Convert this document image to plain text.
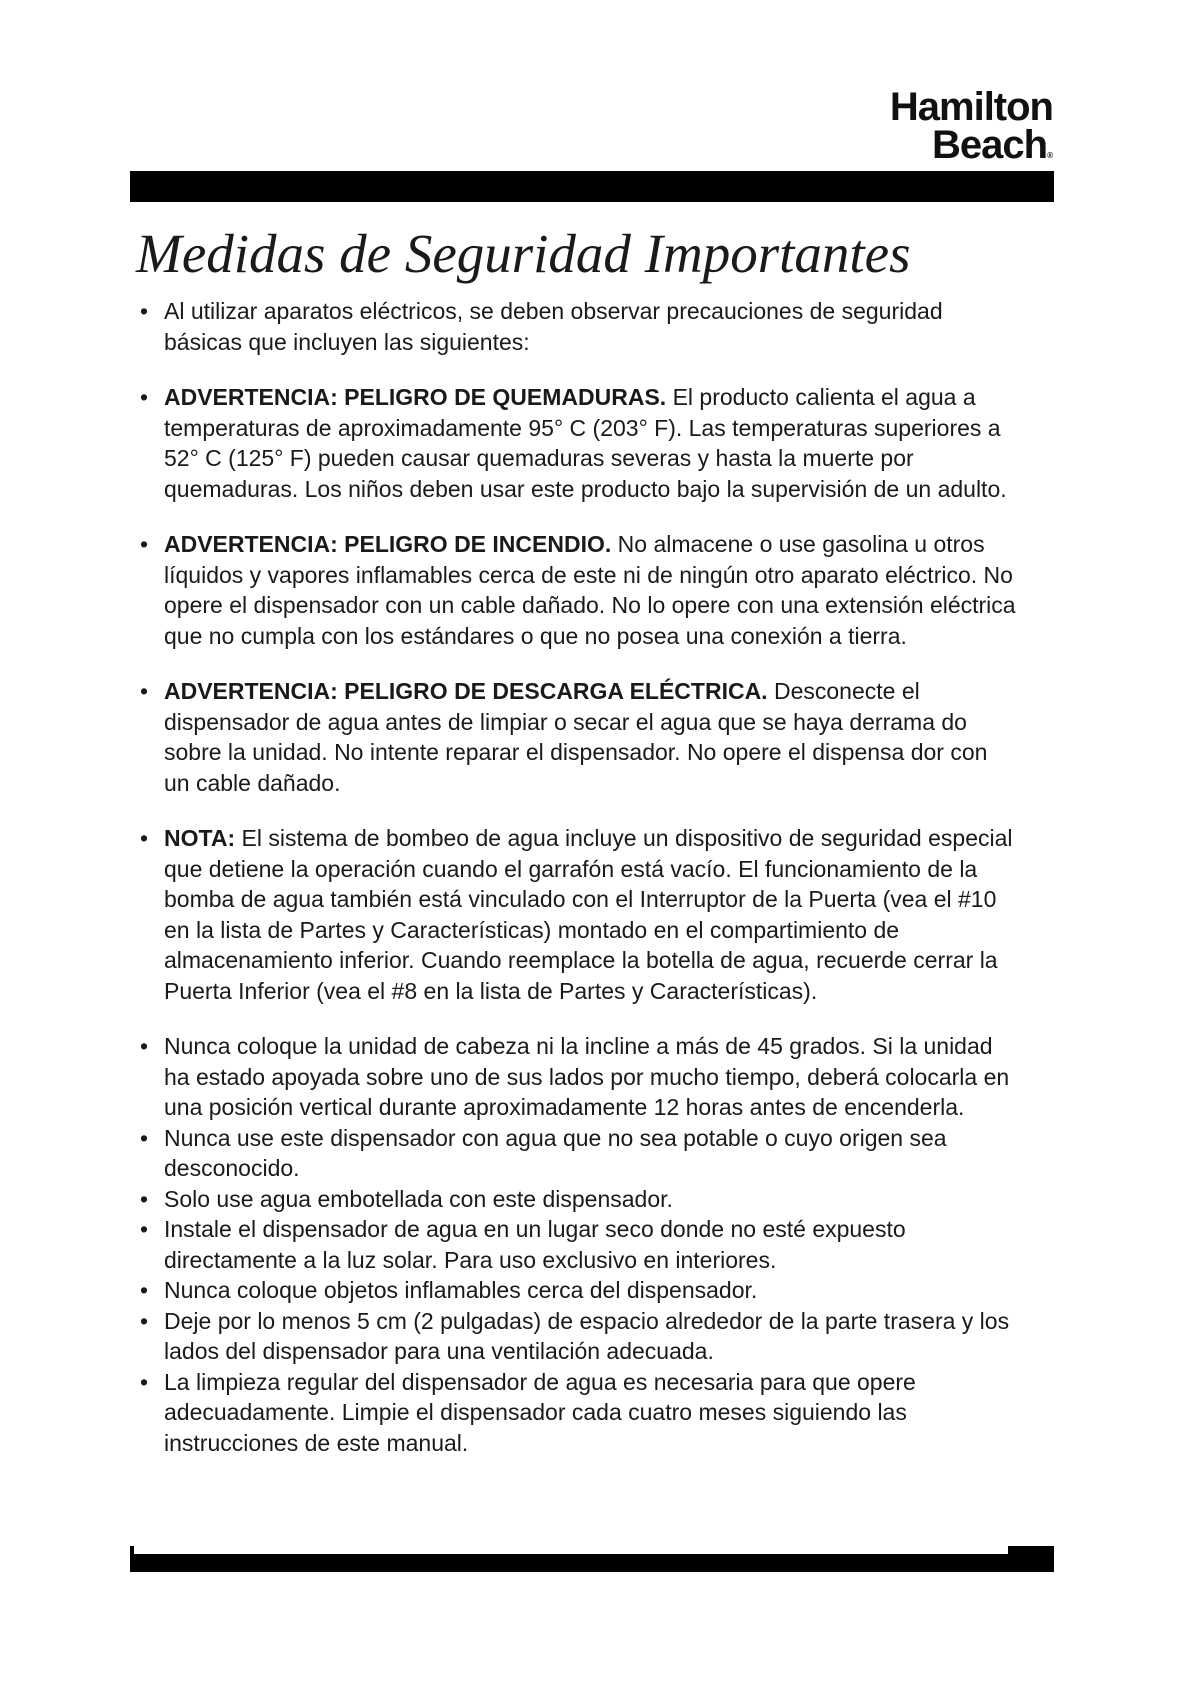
Hamilton
Beach®
Medidas de Seguridad Importantes
• Al utilizar aparatos eléctricos, se deben observar precauciones de seguridad básicas que incluyen las siguientes:
• ADVERTENCIA: PELIGRO DE QUEMADURAS. El producto calienta el agua a temperaturas de aproximadamente 95° C (203° F). Las temperaturas superiores a 52° C (125° F) pueden causar quemaduras severas y hasta la muerte por quemaduras. Los niños deben usar este producto bajo la supervisión de un adulto.
• ADVERTENCIA: PELIGRO DE INCENDIO. No almacene o use gasolina u otros líquidos y vapores inflamables cerca de este ni de ningún otro aparato eléctrico. No opere el dispensador con un cable dañado. No lo opere con una extensión eléctrica que no cumpla con los estándares o que no posea una conexión a tierra.
• ADVERTENCIA: PELIGRO DE DESCARGA ELÉCTRICA. Desconecte el dispensador de agua antes de limpiar o secar el agua que se haya derrama do sobre la unidad. No intente reparar el dispensador. No opere el dispensa dor con un cable dañado.
• NOTA: El sistema de bombeo de agua incluye un dispositivo de seguridad especial que detiene la operación cuando el garrafón está vacío. El funcionamiento de la bomba de agua también está vinculado con el Interruptor de la Puerta (vea el #10 en la lista de Partes y Características) montado en el compartimiento de almacenamiento inferior. Cuando reemplace la botella de agua, recuerde cerrar la Puerta Inferior (vea el #8 en la lista de Partes y Características).
• Nunca coloque la unidad de cabeza ni la incline a más de 45 grados. Si la unidad ha estado apoyada sobre uno de sus lados por mucho tiempo, deberá colocarla en una posición vertical durante aproximadamente 12 horas antes de encenderla.
• Nunca use este dispensador con agua que no sea potable o cuyo origen sea desconocido.
• Solo use agua embotellada con este dispensador.
• Instale el dispensador de agua en un lugar seco donde no esté expuesto directamente a la luz solar. Para uso exclusivo en interiores.
• Nunca coloque objetos inflamables cerca del dispensador.
• Deje por lo menos 5 cm (2 pulgadas) de espacio alrededor de la parte trasera y los lados del dispensador para una ventilación adecuada.
• La limpieza regular del dispensador de agua es necesaria para que opere adecuadamente. Limpie el dispensador cada cuatro meses siguiendo las instrucciones de este manual.
